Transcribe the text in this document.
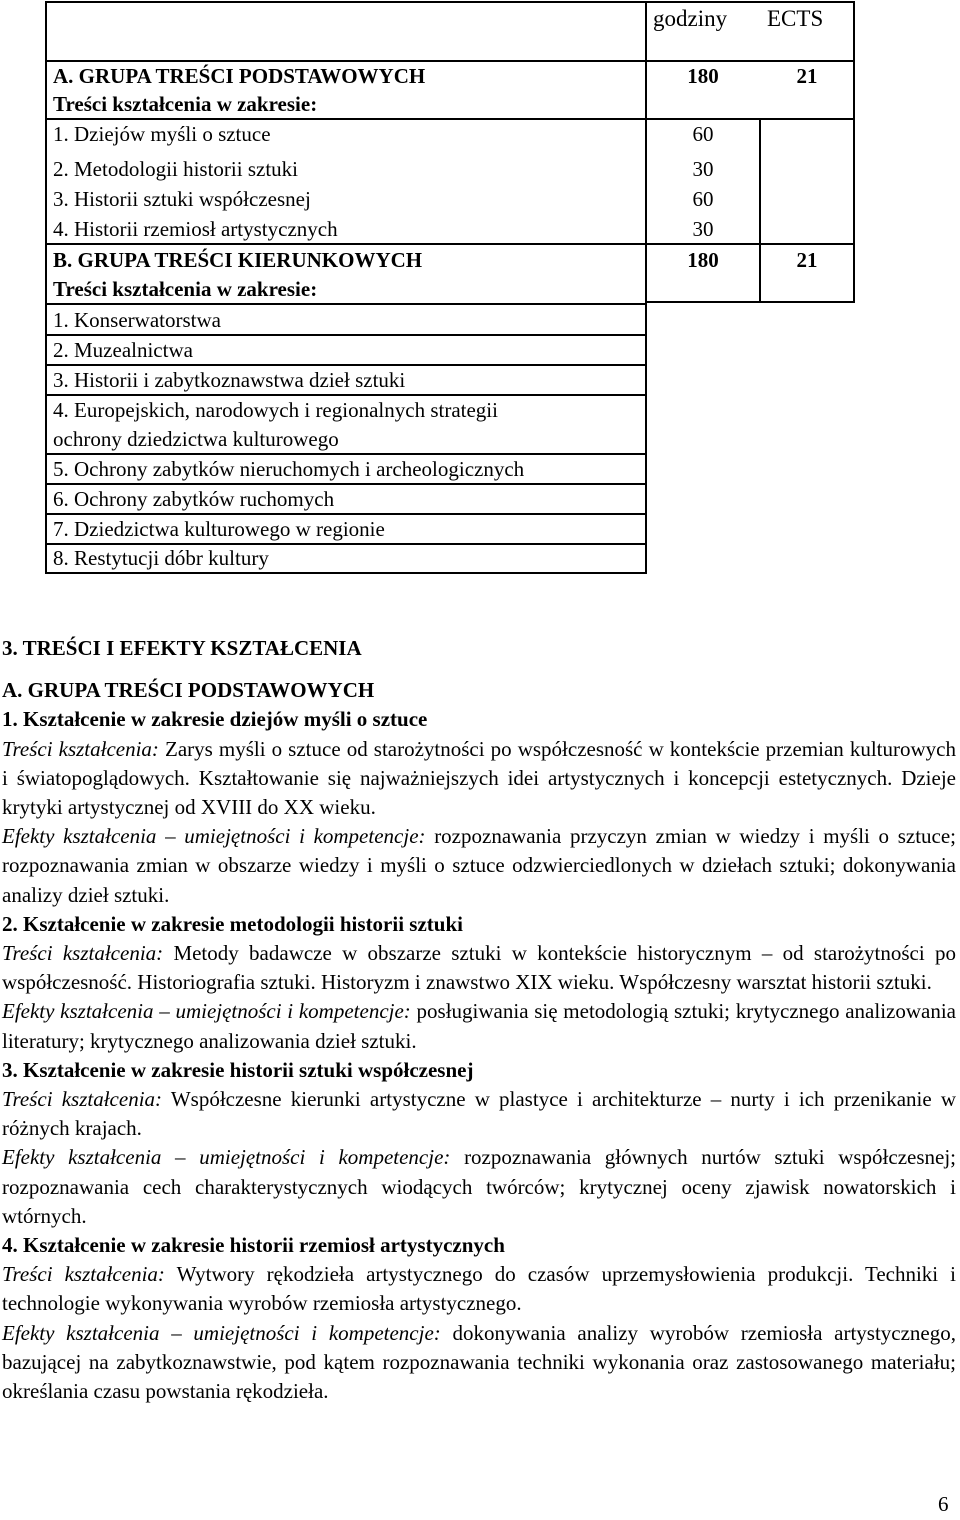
godziny ECTS
A. GRUPA TREŚCI PODSTAWOWYCH	180	21
Treści kształcenia w zakresie:
1. Dziejów myśli o sztuce	60
2. Metodologii historii sztuki	30
3. Historii sztuki współczesnej	60
4. Historii rzemiosł artystycznych	30
B. GRUPA TREŚCI KIERUNKOWYCH	180	21
Treści kształcenia w zakresie:
1. Konserwatorstwa
2. Muzealnictwa
3. Historii i zabytkoznawstwa dzieł sztuki
4. Europejskich, narodowych i regionalnych strategii
ochrony dziedzictwa kulturowego
5. Ochrony zabytków nieruchomych i archeologicznych
6. Ochrony zabytków ruchomych
7. Dziedzictwa kulturowego w regionie
8. Restytucji dóbr kultury
3. TREŚCI I EFEKTY KSZTAŁCENIA
A. GRUPA TREŚCI PODSTAWOWYCH
1. Kształcenie w zakresie dziejów myśli o sztuce

Treści kształcenia: Zarys myśli o sztuce od starożytności po współczesność w kontekście przemian kulturowych i światopoglądowych. Kształtowanie się najważniejszych idei artystycznych i koncepcji estetycznych. Dzieje krytyki artystycznej od XVIII do XX wieku.

Efekty kształcenia – umiejętności i kompetencje: rozpoznawania przyczyn zmian w wiedzy i myśli o sztuce; rozpoznawania zmian w obszarze wiedzy i myśli o sztuce odzwierciedlonych w dziełach sztuki; dokonywania analizy dzieł sztuki.

2. Kształcenie w zakresie metodologii historii sztuki

Treści kształcenia: Metody badawcze w obszarze sztuki w kontekście historycznym – od starożytności po współczesność. Historiografia sztuki. Historyzm i znawstwo XIX wieku. Współczesny warsztat historii sztuki.

Efekty kształcenia – umiejętności i kompetencje: posługiwania się metodologią sztuki; krytycznego analizowania literatury; krytycznego analizowania dzieł sztuki.

3. Kształcenie w zakresie historii sztuki współczesnej

Treści kształcenia: Współczesne kierunki artystyczne w plastyce i architekturze – nurty i ich przenikanie w różnych krajach.

Efekty kształcenia – umiejętności i kompetencje: rozpoznawania głównych nurtów sztuki współczesnej; rozpoznawania cech charakterystycznych wiodących twórców; krytycznej oceny zjawisk nowatorskich i wtórnych.

4. Kształcenie w zakresie historii rzemiosł artystycznych

Treści kształcenia: Wytwory rękodzieła artystycznego do czasów uprzemysłowienia produkcji. Techniki i technologie wykonywania wyrobów rzemiosła artystycznego.

Efekty kształcenia – umiejętności i kompetencje: dokonywania analizy wyrobów rzemiosła artystycznego, bazującej na zabytkoznawstwie, pod kątem rozpoznawania techniki wykonania oraz zastosowanego materiału; określania czasu powstania rękodzieła.

6
